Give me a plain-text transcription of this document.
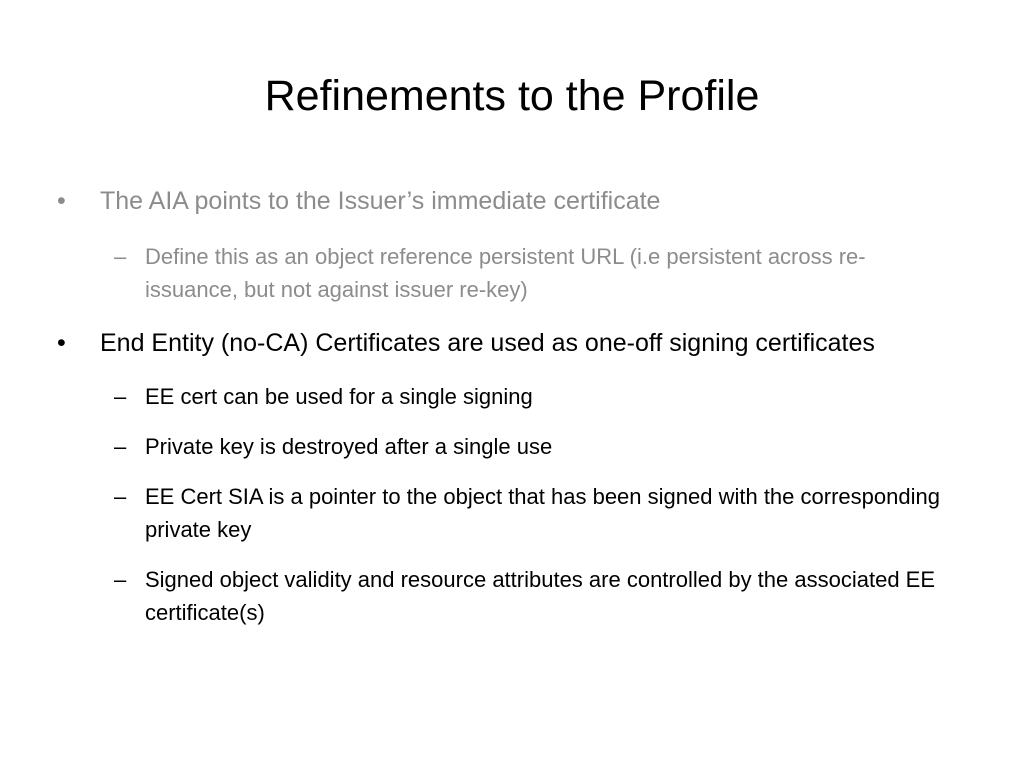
Refinements to the Profile
• The AIA points to the Issuer’s immediate certificate
– Define this as an object reference persistent URL (i.e persistent across re-issuance, but not against issuer re-key)
• End Entity (no-CA) Certificates are used as one-off signing certificates
– EE cert can be used for a single signing
– Private key is destroyed after a single use
– EE Cert SIA is a pointer to the object that has been signed with the corresponding private key
– Signed object validity and resource attributes are controlled by the associated EE certificate(s)
